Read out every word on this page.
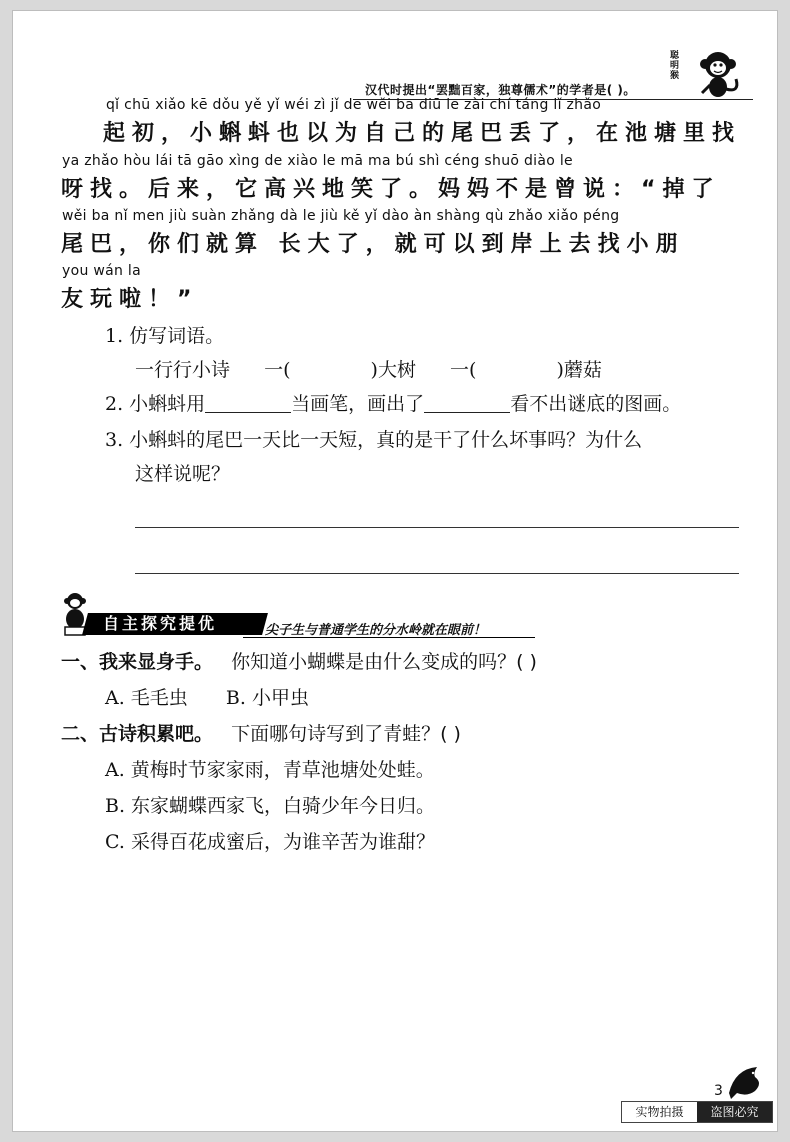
汉代时提出“罢黜百家，独尊儒术”的学者是( )。
聪明猴
qǐ chū xiǎo kē dǒu yě yǐ wéi zì jǐ de wěi ba diū le zài chí táng lǐ zhǎo
起初，小蝌蚪也以为自己的尾巴丢了，在池塘里找
ya zhǎo hòu lái tā gāo xìng de xiào le mā ma bú shì céng shuō diào le
呀找。后来，它高兴地笑了。妈妈不是曾说：“掉了
wěi ba nǐ men jiù suàn zhǎng dà le jiù kě yǐ dào àn shàng qù zhǎo xiǎo péng
尾巴，你们就算 长大了，就可以到岸上去找小朋
you wán la
友玩啦！”
1. 仿写词语。
一行行小诗 一(	)大树 一(	)蘑菇
2. 小蝌蚪用	当画笔，画出了	看不出谜底的图画。
3. 小蝌蚪的尾巴一天比一天短，真的是干了什么坏事吗？为什么
这样说呢？
自主探究提优	尖子生与普通学生的分水岭就在眼前！
一、我来显身手。 你知道小蝴蝶是由什么变成的吗？( )
A. 毛毛虫 B. 小甲虫
二、古诗积累吧。 下面哪句诗写到了青蛙？( )
A. 黄梅时节家家雨，青草池塘处处蛙。
B. 东家蝴蝶西家飞，白骑少年今日归。
C. 采得百花成蜜后，为谁辛苦为谁甜？
3
实物拍摄	盗图必究
